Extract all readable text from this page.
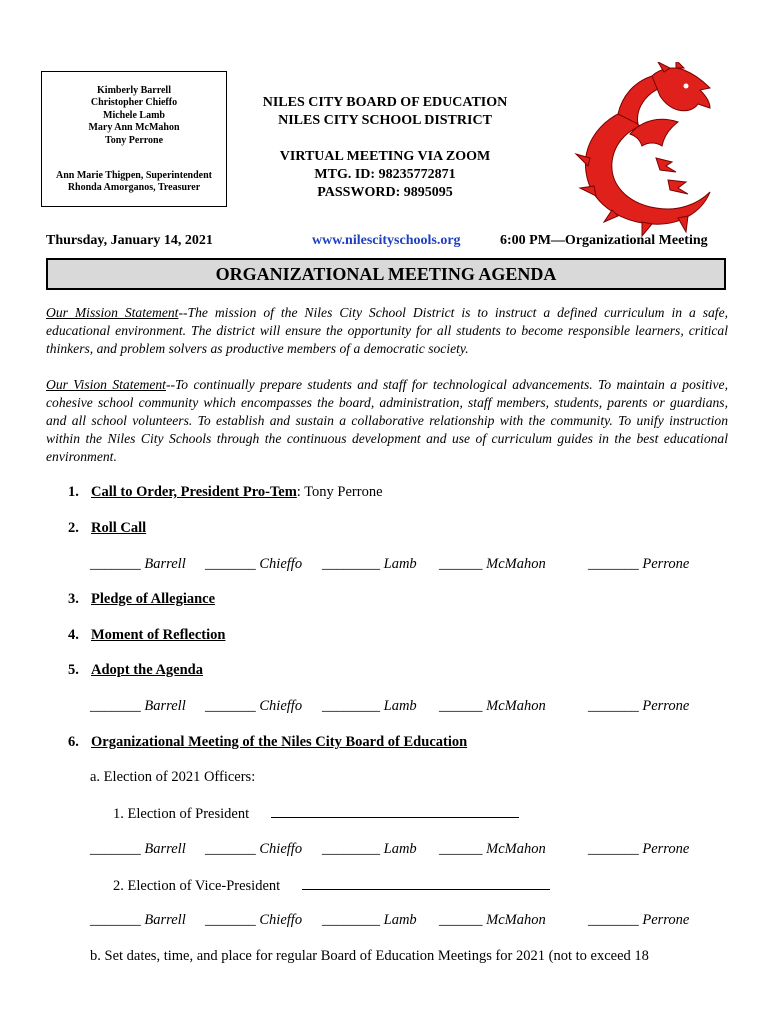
Kimberly Barrell
Christopher Chieffo
Michele Lamb
Mary Ann McMahon
Tony Perrone
Ann Marie Thigpen, Superintendent
Rhonda Amorganos, Treasurer
NILES CITY BOARD OF EDUCATION
NILES CITY SCHOOL DISTRICT
VIRTUAL MEETING VIA ZOOM
MTG. ID: 98235772871
PASSWORD: 9895095
Thursday, January 14, 2021	www.nilescityschools.org	6:00 PM—Organizational Meeting
ORGANIZATIONAL MEETING AGENDA
Our Mission Statement--The mission of the Niles City School District is to instruct a defined curriculum in a safe, educational environment. The district will ensure the opportunity for all students to become responsible learners, critical thinkers, and problem solvers as productive members of a democratic society.
Our Vision Statement--To continually prepare students and staff for technological advancements. To maintain a positive, cohesive school community which encompasses the board, administration, staff members, students, parents or guardians, and all school volunteers. To establish and sustain a collaborative relationship with the community. To unify instruction within the Niles City Schools through the continuous development and use of curriculum guides in the best educational environment.
1. Call to Order, President Pro-Tem: Tony Perrone
2. Roll Call
_______ Barrell _______ Chieffo ________ Lamb ______ McMahon	_______ Perrone
3. Pledge of Allegiance
4. Moment of Reflection
5. Adopt the Agenda
_______ Barrell _______ Chieffo ________ Lamb ______ McMahon	_______ Perrone
6. Organizational Meeting of the Niles City Board of Education
a. Election of 2021 Officers:
1. Election of President
_______ Barrell _______ Chieffo ________ Lamb ______ McMahon	_______ Perrone
2. Election of Vice-President
_______ Barrell _______ Chieffo ________ Lamb ______ McMahon	_______ Perrone
b. Set dates, time, and place for regular Board of Education Meetings for 2021 (not to exceed 18
